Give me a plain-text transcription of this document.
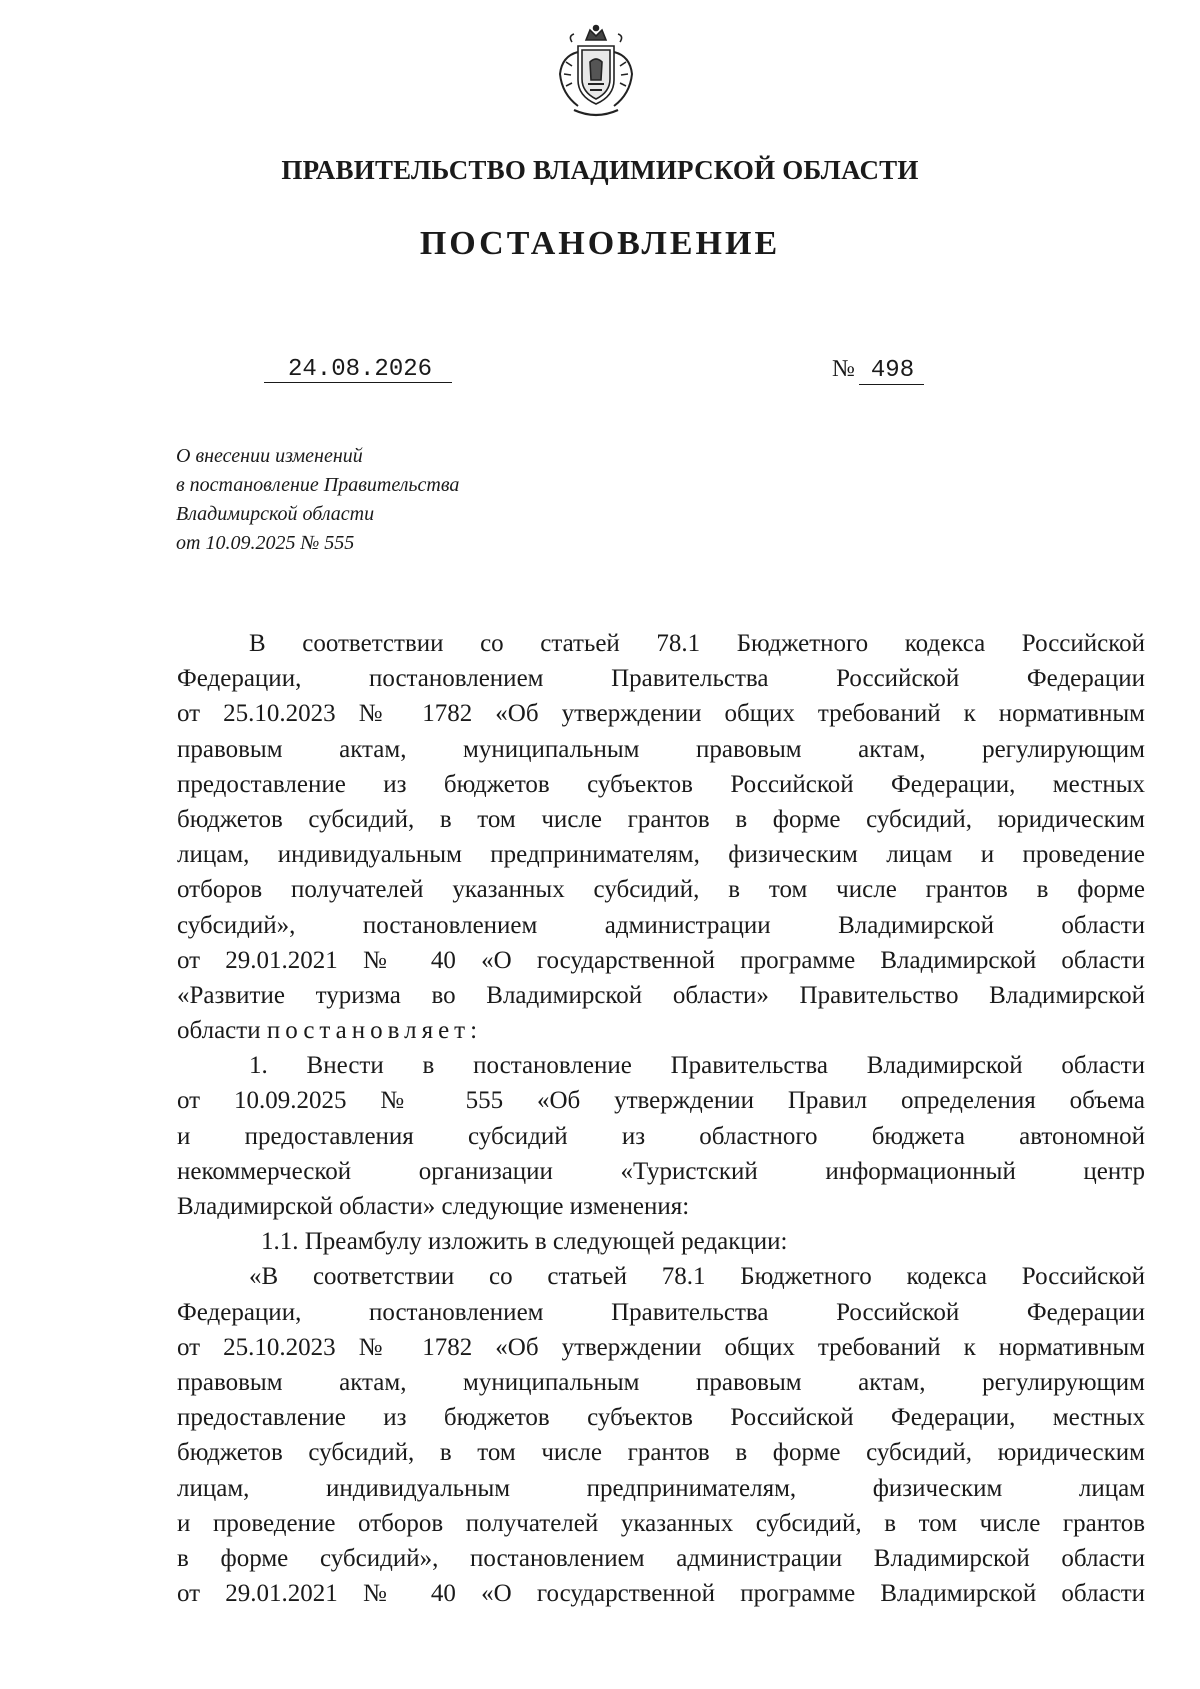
ПРАВИТЕЛЬСТВО ВЛАДИМИРСКОЙ ОБЛАСТИ
ПОСТАНОВЛЕНИЕ
24.08.2026	№ 498
О внесении изменений
в постановление Правительства
Владимирской области
от 10.09.2025 № 555
В соответствии со статьей 78.1 Бюджетного кодекса Российской
Федерации, постановлением Правительства Российской Федерации
от 25.10.2023 № 1782 «Об утверждении общих требований к нормативным
правовым актам, муниципальным правовым актам, регулирующим
предоставление из бюджетов субъектов Российской Федерации, местных
бюджетов субсидий, в том числе грантов в форме субсидий, юридическим
лицам, индивидуальным предпринимателям, физическим лицам и проведение
отборов получателей указанных субсидий, в том числе грантов в форме
субсидий», постановлением администрации Владимирской области
от 29.01.2021 № 40 «О государственной программе Владимирской области
«Развитие туризма во Владимирской области» Правительство Владимирской
области постановляет:
1. Внести в постановление Правительства Владимирской области
от 10.09.2025 № 555 «Об утверждении Правил определения объема
и предоставления субсидий из областного бюджета автономной
некоммерческой организации «Туристский информационный центр
Владимирской области» следующие изменения:
1.1. Преамбулу изложить в следующей редакции:
«В соответствии со статьей 78.1 Бюджетного кодекса Российской
Федерации, постановлением Правительства Российской Федерации
от 25.10.2023 № 1782 «Об утверждении общих требований к нормативным
правовым актам, муниципальным правовым актам, регулирующим
предоставление из бюджетов субъектов Российской Федерации, местных
бюджетов субсидий, в том числе грантов в форме субсидий, юридическим
лицам, индивидуальным предпринимателям, физическим лицам
и проведение отборов получателей указанных субсидий, в том числе грантов
в форме субсидий», постановлением администрации Владимирской области
от 29.01.2021 № 40 «О государственной программе Владимирской области
